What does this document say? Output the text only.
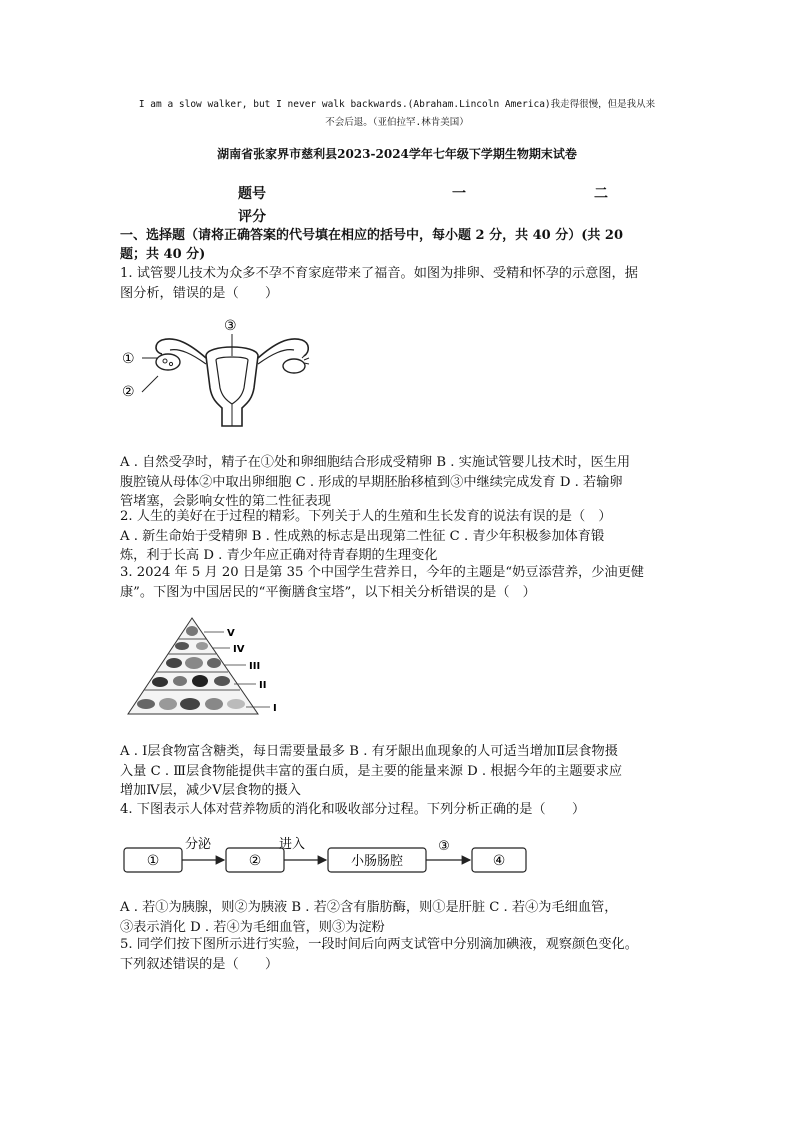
I am a slow walker, but I never walk backwards.(Abraham.Lincoln America)我走得很慢，但是我从来
不会后退。（亚伯拉罕.林肯美国）
湖南省张家界市慈利县2023-2024学年七年级下学期生物期末试卷
题号	一	二
评分
一、选择题（请将正确答案的代号填在相应的括号中，每小题 2 分，共 40 分）(共 20
题；共 40 分)
1. 试管婴儿技术为众多不孕不育家庭带来了福音。如图为排卵、受精和怀孕的示意图，据
图分析，错误的是（　　）
①
②
③
A . 自然受孕时，精子在①处和卵细胞结合形成受精卵 B . 实施试管婴儿技术时，医生用
腹腔镜从母体②中取出卵细胞 C . 形成的早期胚胎移植到③中继续完成发育 D . 若输卵
管堵塞，会影响女性的第二性征表现
2. 人生的美好在于过程的精彩。下列关于人的生殖和生长发育的说法有误的是（　）
A . 新生命始于受精卵 B . 性成熟的标志是出现第二性征 C . 青少年积极参加体育锻
炼，利于长高 D . 青少年应正确对待青春期的生理变化
3. 2024 年 5 月 20 日是第 35 个中国学生营养日，今年的主题是“奶豆添营养，少油更健
康”。下图为中国居民的“平衡膳食宝塔”，以下相关分析错误的是（　）
V
IV
III
II
I
A . Ⅰ层食物富含糖类，每日需要量最多 B . 有牙龈出血现象的人可适当增加Ⅱ层食物摄
入量 C . Ⅲ层食物能提供丰富的蛋白质，是主要的能量来源 D . 根据今年的主题要求应
增加Ⅳ层，减少Ⅴ层食物的摄入
4. 下图表示人体对营养物质的消化和吸收部分过程。下列分析正确的是（　　）
①	②	小肠肠腔	④
分泌	进入	③
A . 若①为胰腺，则②为胰液 B . 若②含有脂肪酶，则①是肝脏 C . 若④为毛细血管，
③表示消化 D . 若④为毛细血管，则③为淀粉
5. 同学们按下图所示进行实验，一段时间后向两支试管中分别滴加碘液，观察颜色变化。
下列叙述错误的是（　　）
